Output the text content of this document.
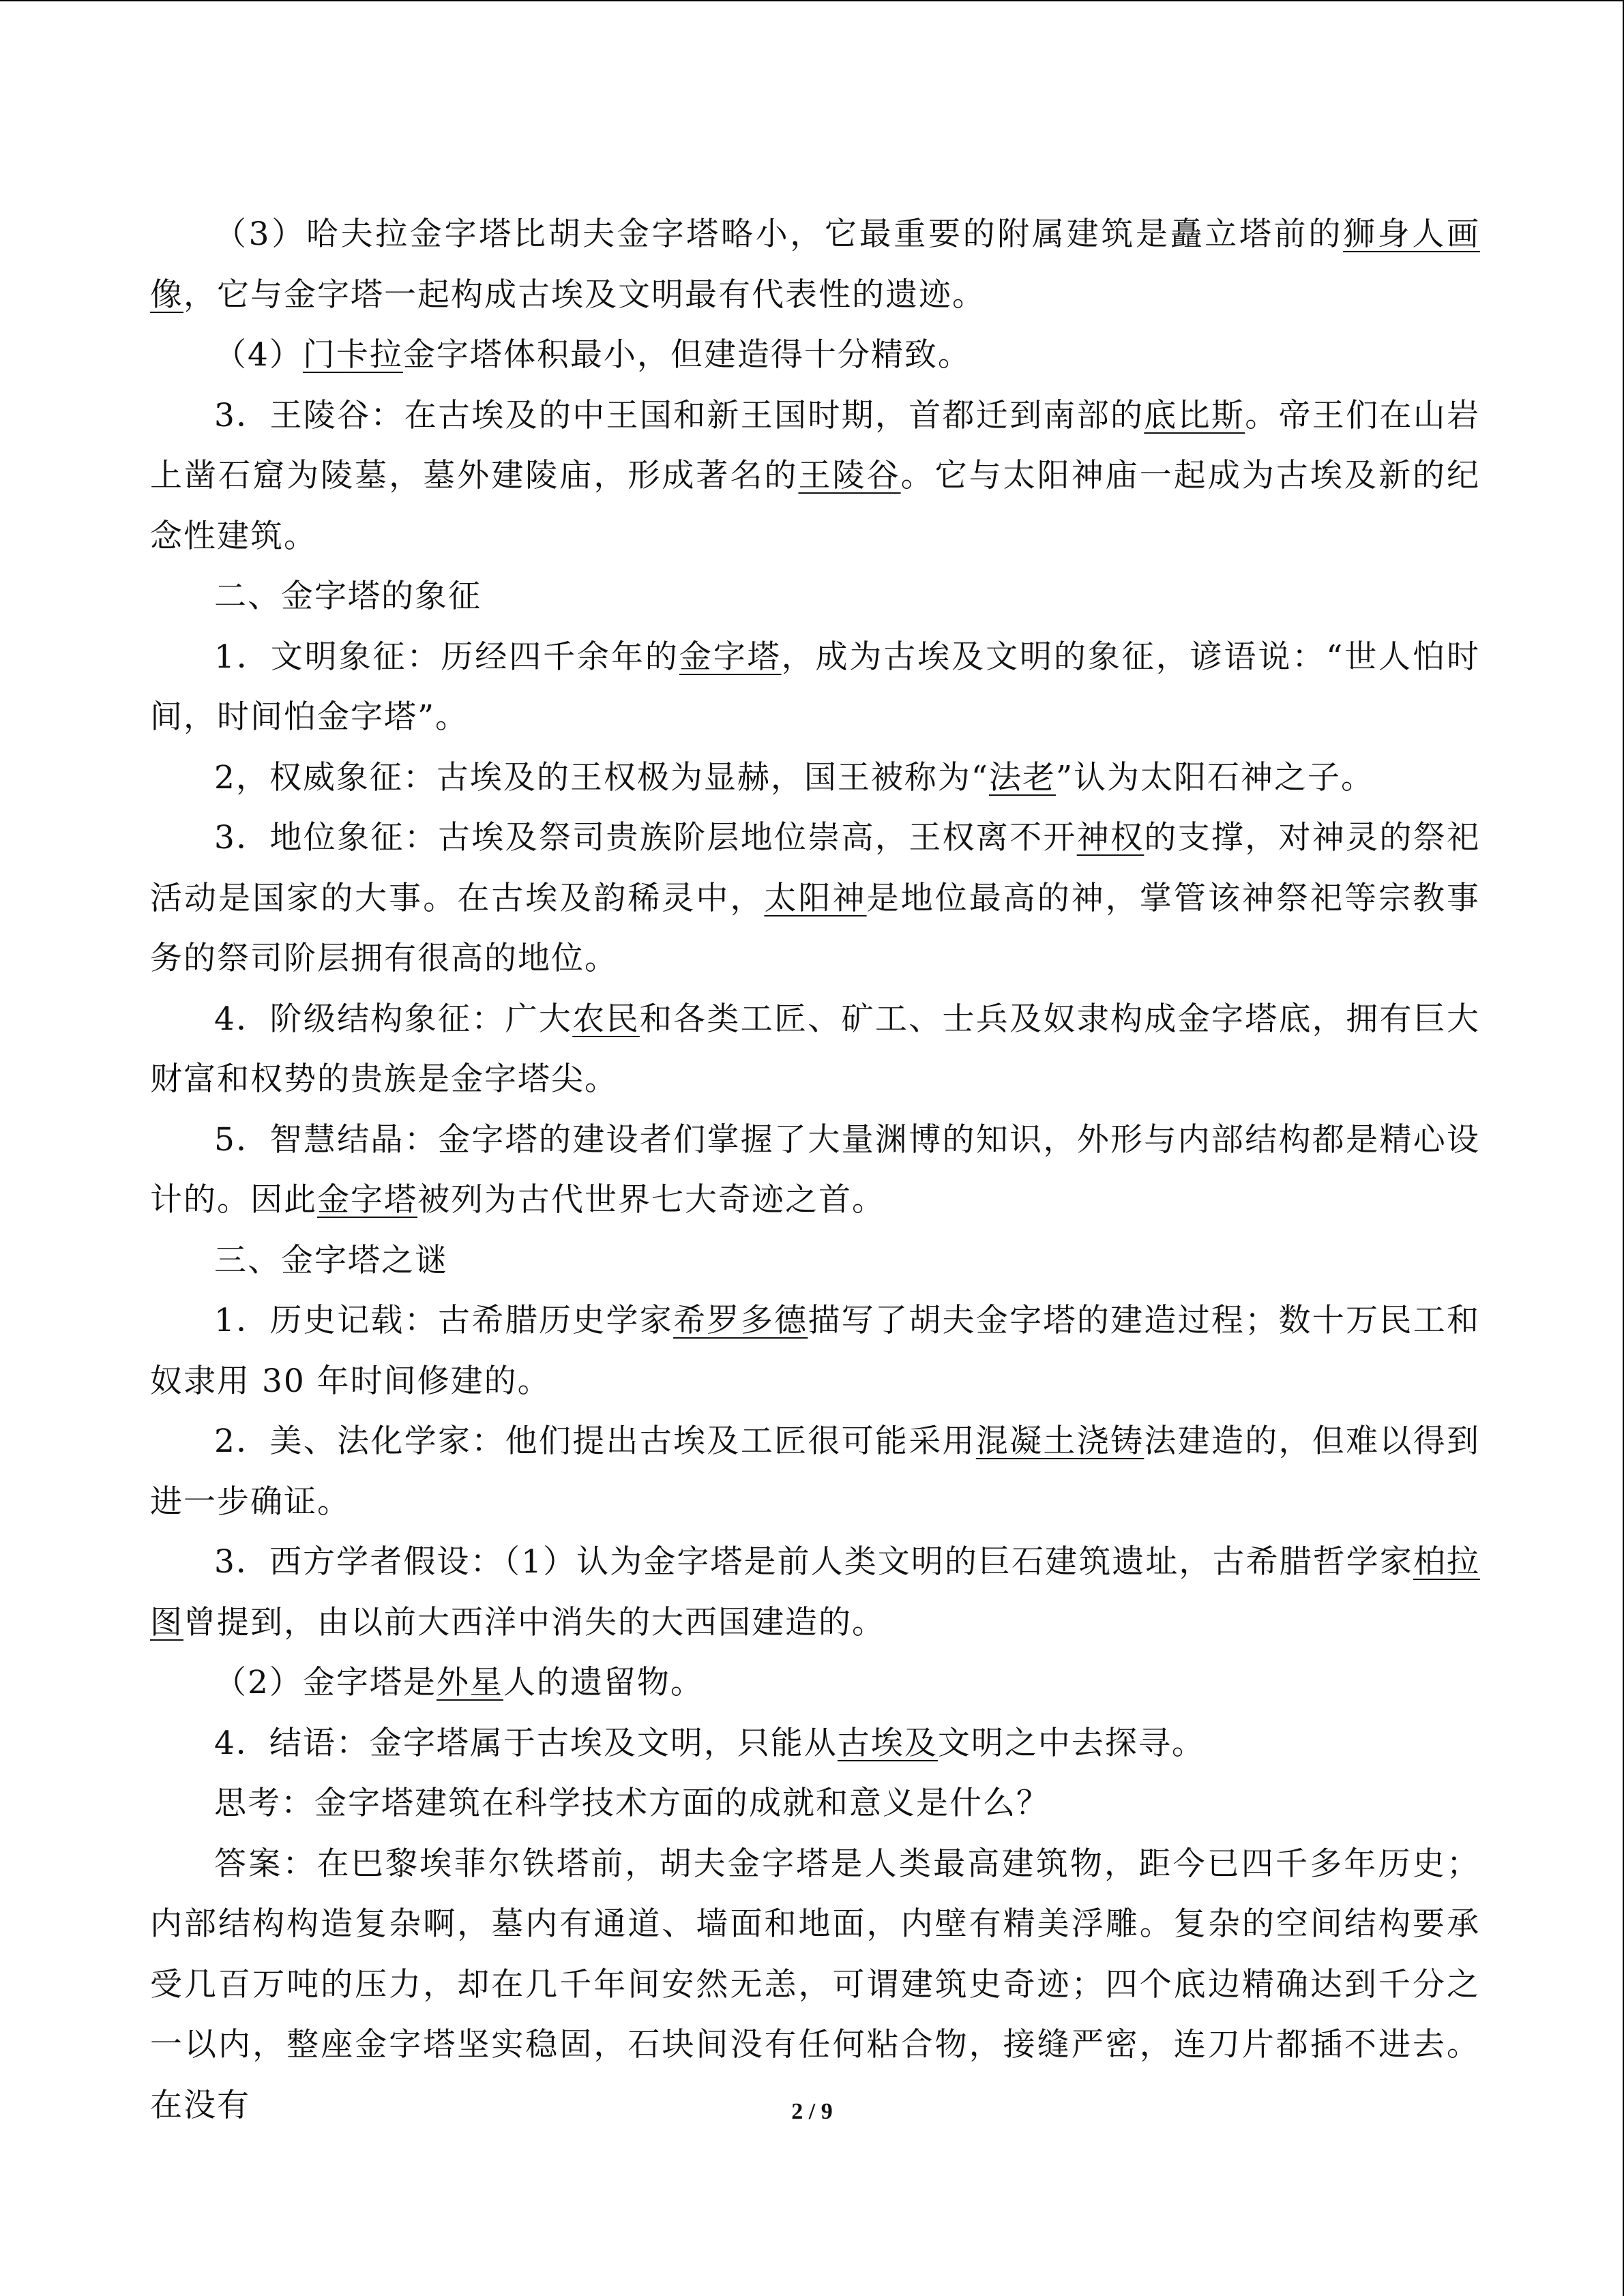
（3）哈夫拉金字塔比胡夫金字塔略小，它最重要的附属建筑是矗立塔前的狮身人画像，它与金字塔一起构成古埃及文明最有代表性的遗迹。

（4）门卡拉金字塔体积最小，但建造得十分精致。

3．王陵谷：在古埃及的中王国和新王国时期，首都迁到南部的底比斯。帝王们在山岩上凿石窟为陵墓，墓外建陵庙，形成著名的王陵谷。它与太阳神庙一起成为古埃及新的纪念性建筑。

二、金字塔的象征

1．文明象征：历经四千余年的金字塔，成为古埃及文明的象征，谚语说：“世人怕时间，时间怕金字塔”。

2，权威象征：古埃及的王权极为显赫，国王被称为“法老”认为太阳石神之子。

3．地位象征：古埃及祭司贵族阶层地位崇高，王权离不开神权的支撑，对神灵的祭祀活动是国家的大事。在古埃及韵稀灵中，太阳神是地位最高的神，掌管该神祭祀等宗教事务的祭司阶层拥有很高的地位。

4．阶级结构象征：广大农民和各类工匠、矿工、士兵及奴隶构成金字塔底，拥有巨大财富和权势的贵族是金字塔尖。

5．智慧结晶：金字塔的建设者们掌握了大量渊博的知识，外形与内部结构都是精心设计的。因此金字塔被列为古代世界七大奇迹之首。

三、金字塔之谜

1．历史记载：古希腊历史学家希罗多德描写了胡夫金字塔的建造过程；数十万民工和奴隶用 30 年时间修建的。

2．美、法化学家：他们提出古埃及工匠很可能采用混凝土浇铸法建造的，但难以得到进一步确证。

3．西方学者假设：（1）认为金字塔是前人类文明的巨石建筑遗址，古希腊哲学家柏拉图曾提到，由以前大西洋中消失的大西国建造的。

（2）金字塔是外星人的遗留物。

4．结语：金字塔属于古埃及文明，只能从古埃及文明之中去探寻。

思考：金字塔建筑在科学技术方面的成就和意义是什么？

答案：在巴黎埃菲尔铁塔前，胡夫金字塔是人类最高建筑物，距今已四千多年历史；内部结构构造复杂啊，墓内有通道、墙面和地面，内壁有精美浮雕。复杂的空间结构要承受几百万吨的压力，却在几千年间安然无恙，可谓建筑史奇迹；四个底边精确达到千分之一以内，整座金字塔坚实稳固，石块间没有任何粘合物，接缝严密，连刀片都插不进去。在没有	2 / 9
